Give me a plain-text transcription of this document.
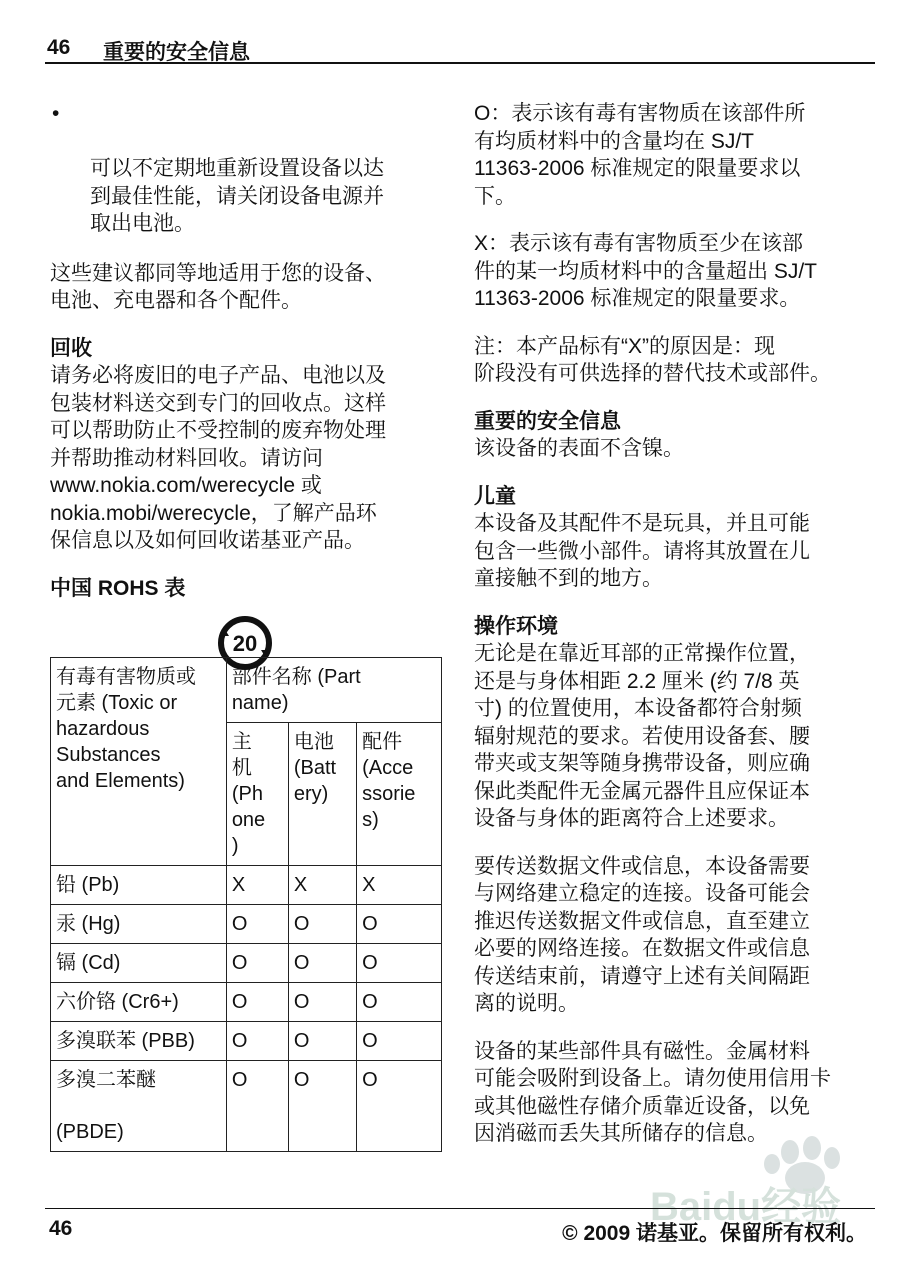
46 重要的安全信息

•

可以不定期地重新设置设备以达
到最佳性能，请关闭设备电源并
取出电池。

这些建议都同等地适用于您的设备、
电池、充电器和各个配件。

回收

请务必将废旧的电子产品、电池以及
包装材料送交到专门的回收点。这样
可以帮助防止不受控制的废弃物处理
并帮助推动材料回收。请访问
www.nokia.com/werecycle 或
nokia.mobi/werecycle，了解产品环
保信息以及如何回收诺基亚产品。

中国 ROHS 表

20
有毒有害物质或
元素 (Toxic or
hazardous
Substances
and Elements)	部件名称 (Part
name)		
	主
机
(Ph
one
)	电池
(Batt
ery)	配件
(Acce
ssorie
s)
铅 (Pb)	X	X	X
汞 (Hg)	O	O	O
镉 (Cd)	O	O	O
六价铬 (Cr6+)	O	O	O
多溴联苯 (PBB)	O	O	O
多溴二苯醚

(PBDE)	O	O	O

O：表示该有毒有害物质在该部件所
有均质材料中的含量均在 SJ/T
11363-2006 标准规定的限量要求以
下。

X：表示该有毒有害物质至少在该部
件的某一均质材料中的含量超出 SJ/T
11363-2006 标准规定的限量要求。

注：本产品标有“X”的原因是：现
阶段没有可供选择的替代技术或部件。

重要的安全信息

该设备的表面不含镍。

儿童

本设备及其配件不是玩具，并且可能
包含一些微小部件。请将其放置在儿
童接触不到的地方。

操作环境

无论是在靠近耳部的正常操作位置，
还是与身体相距 2.2 厘米 (约 7/8 英
寸) 的位置使用，本设备都符合射频
辐射规范的要求。若使用设备套、腰
带夹或支架等随身携带设备，则应确
保此类配件无金属元器件且应保证本
设备与身体的距离符合上述要求。

要传送数据文件或信息，本设备需要
与网络建立稳定的连接。设备可能会
推迟传送数据文件或信息，直至建立
必要的网络连接。在数据文件或信息
传送结束前，请遵守上述有关间隔距
离的说明。

设备的某些部件具有磁性。金属材料
可能会吸附到设备上。请勿使用信用卡
或其他磁性存储介质靠近设备，以免
因消磁而丢失其所储存的信息。

Baidu经验
46	© 2009 诺基亚。保留所有权利。
